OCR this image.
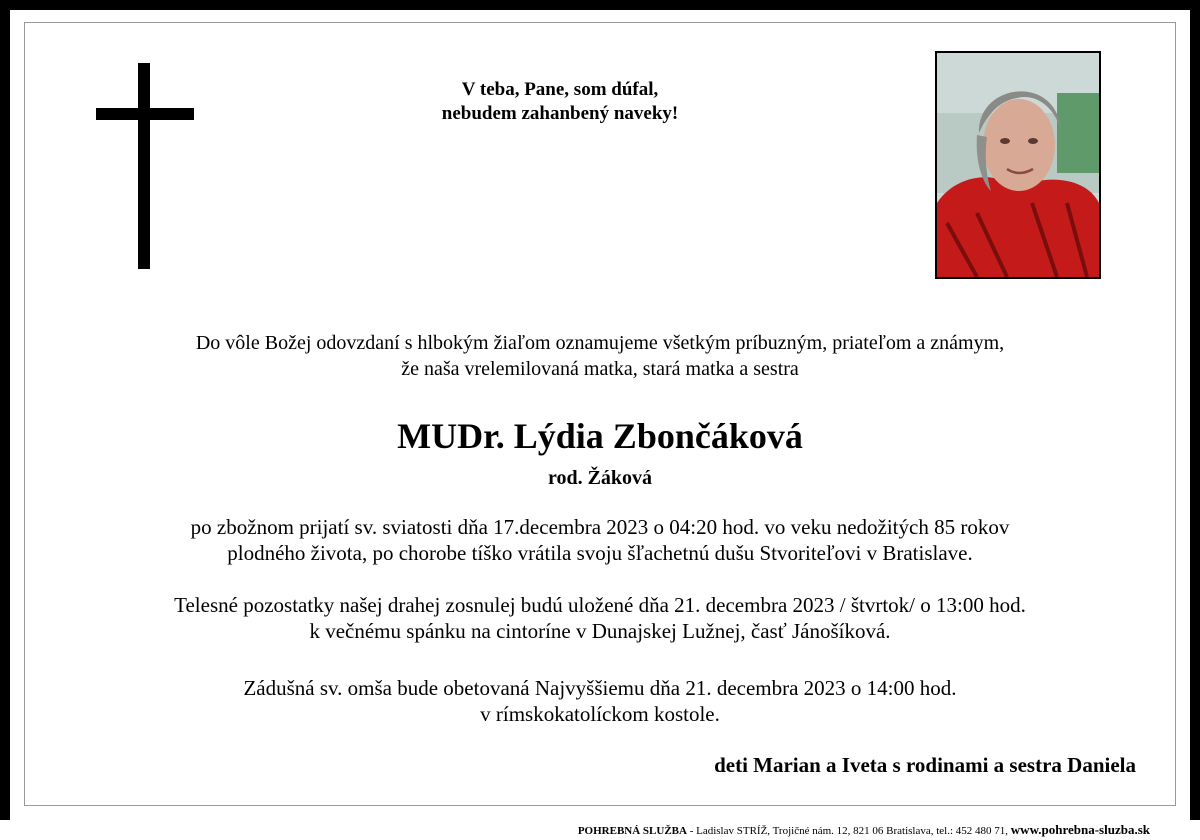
V teba, Pane, som dúfal,
nebudem zahanbený naveky!
Do vôle Božej odovzdaní s hlbokým žiaľom oznamujeme všetkým príbuzným, priateľom a známym,
že naša vrelemilovaná matka, stará matka a sestra
MUDr. Lýdia Zbončáková
rod. Žáková
po zbožnom prijatí sv. sviatosti dňa 17.decembra 2023 o 04:20 hod. vo veku nedožitých 85 rokov
plodného života, po chorobe tíško vrátila svoju šľachetnú dušu Stvoriteľovi v Bratislave.
Telesné pozostatky našej drahej zosnulej budú uložené dňa 21. decembra 2023 / štvrtok/ o 13:00 hod.
k večnému spánku na cintoríne v Dunajskej Lužnej, časť Jánošíková.
Zádušná sv. omša bude obetovaná Najvyššiemu dňa 21. decembra 2023 o 14:00 hod.
v rímskokatolíckom kostole.
deti Marian a Iveta s rodinami a sestra Daniela
POHREBNÁ SLUŽBA - Ladislav STRÍŽ, Trojičné nám. 12, 821 06 Bratislava, tel.: 452 480 71, www.pohrebna-sluzba.sk
